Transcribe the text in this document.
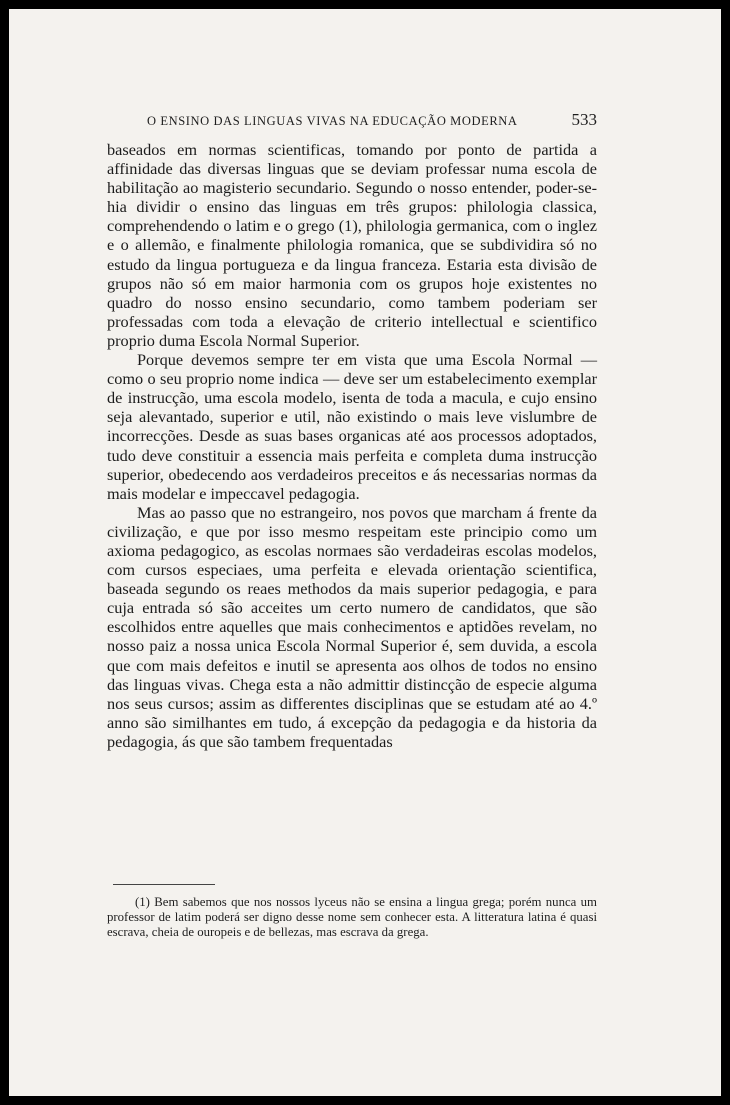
O ENSINO DAS LINGUAS VIVAS NA EDUCAÇÃO MODERNA	533

baseados em normas scientificas, tomando por ponto de partida a affinidade das diversas linguas que se deviam professar numa escola de habilitação ao magisterio secundario. Segundo o nosso entender, poder-se-hia dividir o ensino das linguas em três grupos: philologia classica, comprehendendo o latim e o grego (1), philologia germanica, com o inglez e o allemão, e finalmente philologia romanica, que se subdividira só no estudo da lingua portugueza e da lingua franceza. Estaria esta divisão de grupos não só em maior harmonia com os grupos hoje existentes no quadro do nosso ensino secundario, como tambem poderiam ser professadas com toda a elevação de criterio intellectual e scientifico proprio duma Escola Normal Superior.

Porque devemos sempre ter em vista que uma Escola Normal — como o seu proprio nome indica — deve ser um estabelecimento exemplar de instrucção, uma escola modelo, isenta de toda a macula, e cujo ensino seja alevantado, superior e util, não existindo o mais leve vislumbre de incorrecções. Desde as suas bases organicas até aos processos adoptados, tudo deve constituir a essencia mais perfeita e completa duma instrucção superior, obedecendo aos verdadeiros preceitos e ás necessarias normas da mais modelar e impeccavel pedagogia.

Mas ao passo que no estrangeiro, nos povos que marcham á frente da civilização, e que por isso mesmo respeitam este principio como um axioma pedagogico, as escolas normaes são verdadeiras escolas modelos, com cursos especiaes, uma perfeita e elevada orientação scientifica, baseada segundo os reaes methodos da mais superior pedagogia, e para cuja entrada só são acceites um certo numero de candidatos, que são escolhidos entre aquelles que mais conhecimentos e aptidões revelam, no nosso paiz a nossa unica Escola Normal Superior é, sem duvida, a escola que com mais defeitos e inutil se apresenta aos olhos de todos no ensino das linguas vivas. Chega esta a não admittir distincção de especie alguma nos seus cursos; assim as differentes disciplinas que se estudam até ao 4.º anno são similhantes em tudo, á excepção da pedagogia e da historia da pedagogia, ás que são tambem frequentadas

(1) Bem sabemos que nos nossos lyceus não se ensina a lingua grega; porém nunca um professor de latim poderá ser digno desse nome sem conhecer esta. A litteratura latina é quasi escrava, cheia de ouropeis e de bellezas, mas escrava da grega.
